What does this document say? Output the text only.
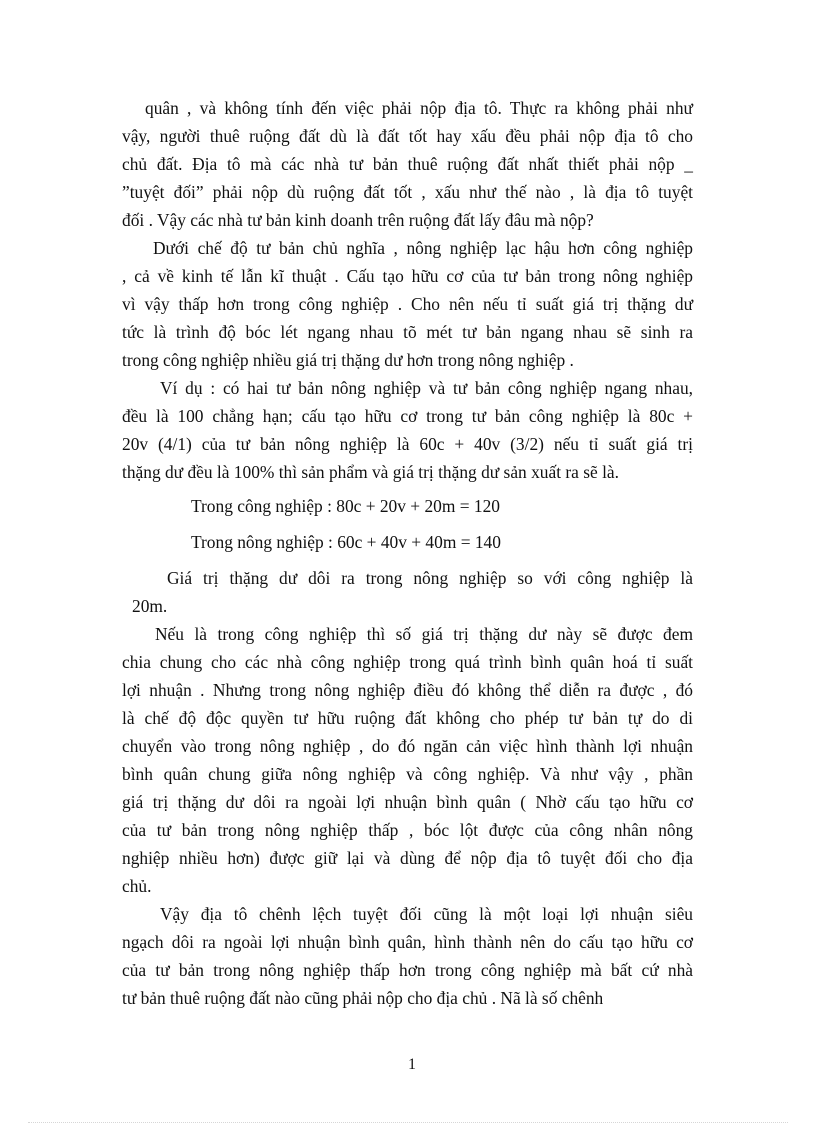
quân , và không tính đến việc phải nộp địa tô. Thực ra không phải như
vậy, người thuê ruộng đất dù là đất tốt hay xấu đều phải nộp địa tô cho
chủ đất. Địa tô mà các nhà tư bản thuê ruộng đất nhất thiết phải nộp _
”tuyệt đối” phải nộp dù ruộng đất tốt , xấu như thế nào , là địa tô tuyệt
đối . Vậy các nhà tư bản kinh doanh trên ruộng đất lấy đâu mà nộp?
Dưới chế độ tư bản chủ nghĩa , nông nghiệp lạc hậu hơn công nghiệp
, cả về kinh tế lẫn kĩ thuật . Cấu tạo hữu cơ của tư bản trong nông nghiệp
vì vậy thấp hơn trong công nghiệp . Cho nên nếu tỉ suất giá trị thặng dư
tức là trình độ bóc lét ngang nhau tõ mét tư bản ngang nhau sẽ sinh ra
trong công nghiệp nhiều giá trị thặng dư hơn trong nông nghiệp .
Ví dụ : có hai tư bản nông nghiệp và tư bản công nghiệp ngang nhau,
đều là 100 chẳng hạn; cấu tạo hữu cơ trong tư bản công nghiệp là 80c +
20v (4/1) của tư bản nông nghiệp là 60c + 40v (3/2) nếu tỉ suất giá trị
thặng dư đều là 100% thì sản phẩm và giá trị thặng dư sản xuất ra sẽ là.
Trong công nghiệp : 80c + 20v + 20m = 120
Trong nông nghiệp : 60c + 40v + 40m = 140
Giá trị thặng dư dôi ra trong nông nghiệp so với công nghiệp là
20m.
Nếu là trong công nghiệp thì số giá trị thặng dư này sẽ được đem
chia chung cho các nhà công nghiệp trong quá trình bình quân hoá tỉ suất
lợi nhuận . Nhưng trong nông nghiệp điều đó không thể diễn ra được , đó
là chế độ độc quyền tư hữu ruộng đất không cho phép tư bản tự do di
chuyển vào trong nông nghiệp , do đó ngăn cản việc hình thành lợi nhuận
bình quân chung giữa nông nghiệp và công nghiệp. Và như vậy , phần
giá trị thặng dư dôi ra ngoài lợi nhuận bình quân ( Nhờ cấu tạo hữu cơ
của tư bản trong nông nghiệp thấp , bóc lột được của công nhân nông
nghiệp nhiều hơn) được giữ lại và dùng để nộp địa tô tuyệt đối cho địa
chủ.
Vậy địa tô chênh lệch tuyệt đối cũng là một loại lợi nhuận siêu
ngạch dôi ra ngoài lợi nhuận bình quân, hình thành nên do cấu tạo hữu cơ
của tư bản trong nông nghiệp thấp hơn trong công nghiệp mà bất cứ nhà
tư bản thuê ruộng đất nào cũng phải nộp cho địa chủ . Nã là số chênh
1
